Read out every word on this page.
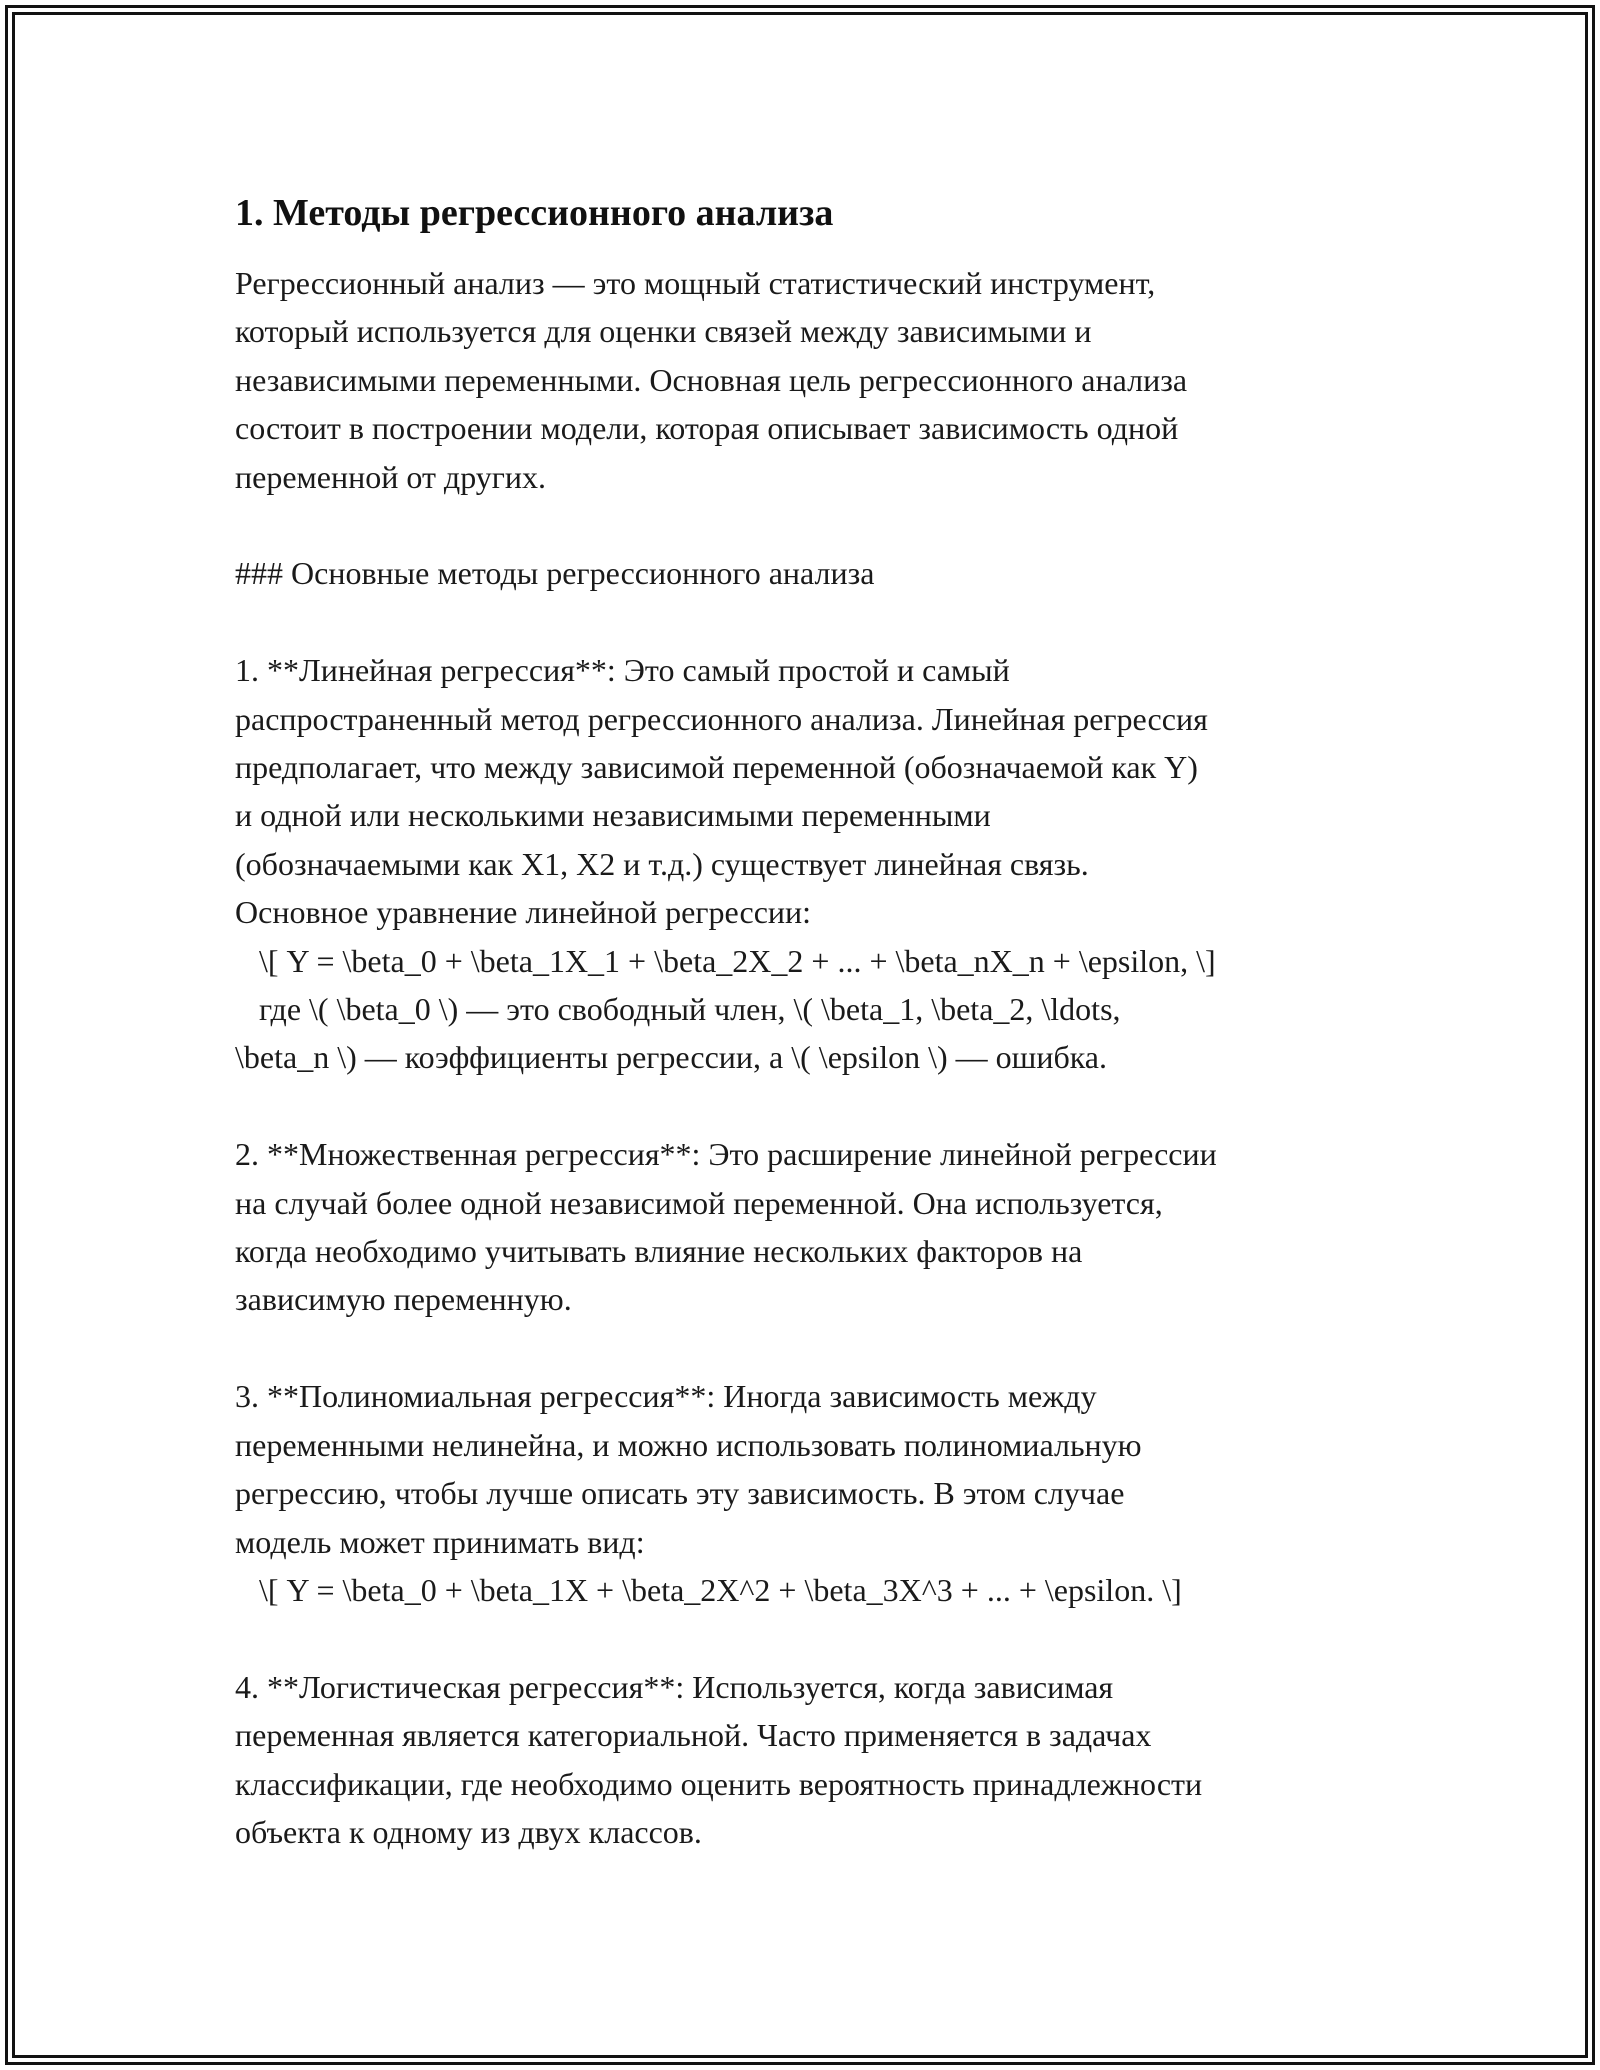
1. Методы регрессионного анализа

Регрессионный анализ — это мощный статистический инструмент,
который используется для оценки связей между зависимыми и
независимыми переменными. Основная цель регрессионного анализа
состоит в построении модели, которая описывает зависимость одной
переменной от других.

### Основные методы регрессионного анализа

1. **Линейная регрессия**: Это самый простой и самый
распространенный метод регрессионного анализа. Линейная регрессия
предполагает, что между зависимой переменной (обозначаемой как Y)
и одной или несколькими независимыми переменными
(обозначаемыми как X1, X2 и т.д.) существует линейная связь.
Основное уравнение линейной регрессии:
\[ Y = \beta_0 + \beta_1X_1 + \beta_2X_2 + ... + \beta_nX_n + \epsilon, \]
где \( \beta_0 \) — это свободный член, \( \beta_1, \beta_2, \ldots,
\beta_n \) — коэффициенты регрессии, а \( \epsilon \) — ошибка.

2. **Множественная регрессия**: Это расширение линейной регрессии
на случай более одной независимой переменной. Она используется,
когда необходимо учитывать влияние нескольких факторов на
зависимую переменную.

3. **Полиномиальная регрессия**: Иногда зависимость между
переменными нелинейна, и можно использовать полиномиальную
регрессию, чтобы лучше описать эту зависимость. В этом случае
модель может принимать вид:
\[ Y = \beta_0 + \beta_1X + \beta_2X^2 + \beta_3X^3 + ... + \epsilon. \]

4. **Логистическая регрессия**: Используется, когда зависимая
переменная является категориальной. Часто применяется в задачах
классификации, где необходимо оценить вероятность принадлежности
объекта к одному из двух классов.
